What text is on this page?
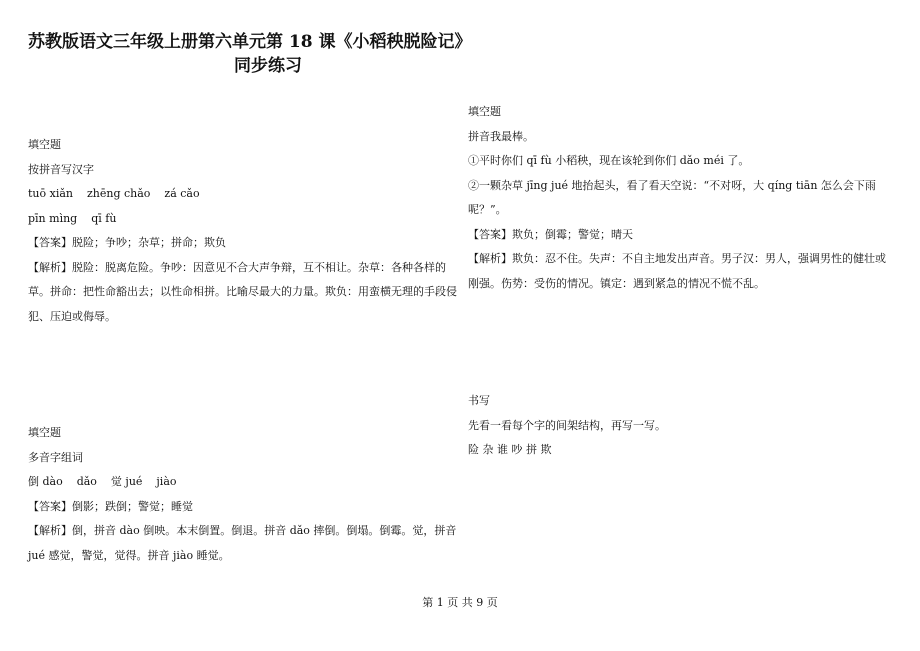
苏教版语文三年级上册第六单元第 18 课《小稻秧脱险记》
同步练习

填空题

按拼音写汉字

tuō xiǎn    zhēng chǎo    zá cǎo

pīn mìng    qī fù

【答案】脱险；争吵；杂草；拼命；欺负

【解析】脱险：脱离危险。争吵：因意见不合大声争辩，互不相让。杂草：各种各样的草。拼命：把性命豁出去；以性命相拼。比喻尽最大的力量。欺负：用蛮横无理的手段侵犯、压迫或侮辱。

填空题

多音字组词

倒 dào    dǎo    觉 jué    jiào

【答案】倒影；跌倒；警觉；睡觉

【解析】倒，拼音 dào 倒映。本末倒置。倒退。拼音 dǎo 摔倒。倒塌。倒霉。觉，拼音 jué 感觉，警觉，觉得。拼音 jiào 睡觉。

填空题

拼音我最棒。

①平时你们 qī fù 小稻秧，现在该轮到你们 dǎo méi 了。

②一颗杂草 jīng jué 地抬起头，看了看天空说：“不对呀，大 qíng tiān 怎么会下雨呢？”。

【答案】欺负；倒霉；警觉；晴天

【解析】欺负：忍不住。失声：不自主地发出声音。男子汉：男人，强调男性的健壮或刚强。伤势：受伤的情况。镇定：遇到紧急的情况不慌不乱。

书写

先看一看每个字的间架结构，再写一写。

险 杂 谁 吵 拼 欺

第 1 页 共 9 页
